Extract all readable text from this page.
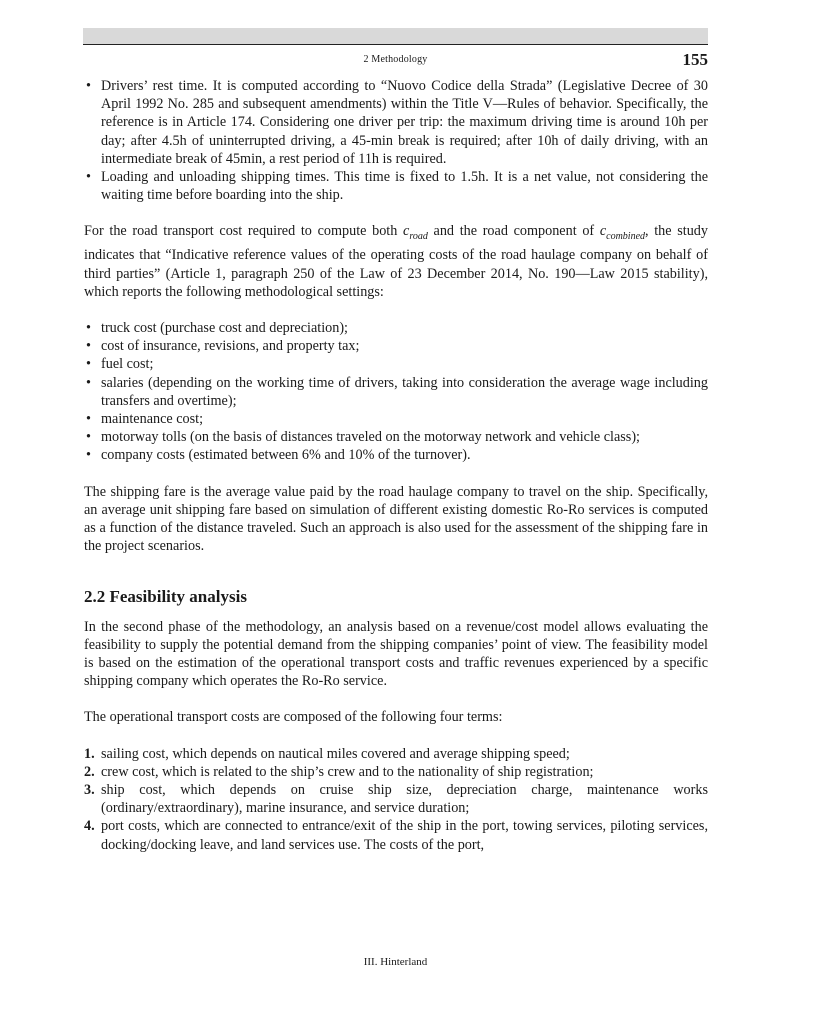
2 Methodology	155
• Drivers’ rest time. It is computed according to “Nuovo Codice della Strada” (Legislative Decree of 30 April 1992 No. 285 and subsequent amendments) within the Title V—Rules of behavior. Specifically, the reference is in Article 174. Considering one driver per trip: the maximum driving time is around 10h per day; after 4.5h of uninterrupted driving, a 45-min break is required; after 10h of daily driving, with an intermediate break of 45min, a rest period of 11h is required.
• Loading and unloading shipping times. This time is fixed to 1.5h. It is a net value, not considering the waiting time before boarding into the ship.

For the road transport cost required to compute both $c_{road}$ and the road component of $c_{combined}$, the study indicates that “Indicative reference values of the operating costs of the road haulage company on behalf of third parties” (Article 1, paragraph 250 of the Law of 23 December 2014, No. 190—Law 2015 stability), which reports the following methodological settings:

• truck cost (purchase cost and depreciation);
• cost of insurance, revisions, and property tax;
• fuel cost;
• salaries (depending on the working time of drivers, taking into consideration the average wage including transfers and overtime);
• maintenance cost;
• motorway tolls (on the basis of distances traveled on the motorway network and vehicle class);
• company costs (estimated between 6% and 10% of the turnover).

The shipping fare is the average value paid by the road haulage company to travel on the ship. Specifically, an average unit shipping fare based on simulation of different existing domestic Ro-Ro services is computed as a function of the distance traveled. Such an approach is also used for the assessment of the shipping fare in the project scenarios.

2.2 Feasibility analysis

In the second phase of the methodology, an analysis based on a revenue/cost model allows evaluating the feasibility to supply the potential demand from the shipping companies’ point of view. The feasibility model is based on the estimation of the operational transport costs and traffic revenues experienced by a specific shipping company which operates the Ro-Ro service.

The operational transport costs are composed of the following four terms:

1. sailing cost, which depends on nautical miles covered and average shipping speed;
2. crew cost, which is related to the ship’s crew and to the nationality of ship registration;
3. ship cost, which depends on cruise ship size, depreciation charge, maintenance works (ordinary/extraordinary), marine insurance, and service duration;
4. port costs, which are connected to entrance/exit of the ship in the port, towing services, piloting services, docking/docking leave, and land services use. The costs of the port,
III. Hinterland
